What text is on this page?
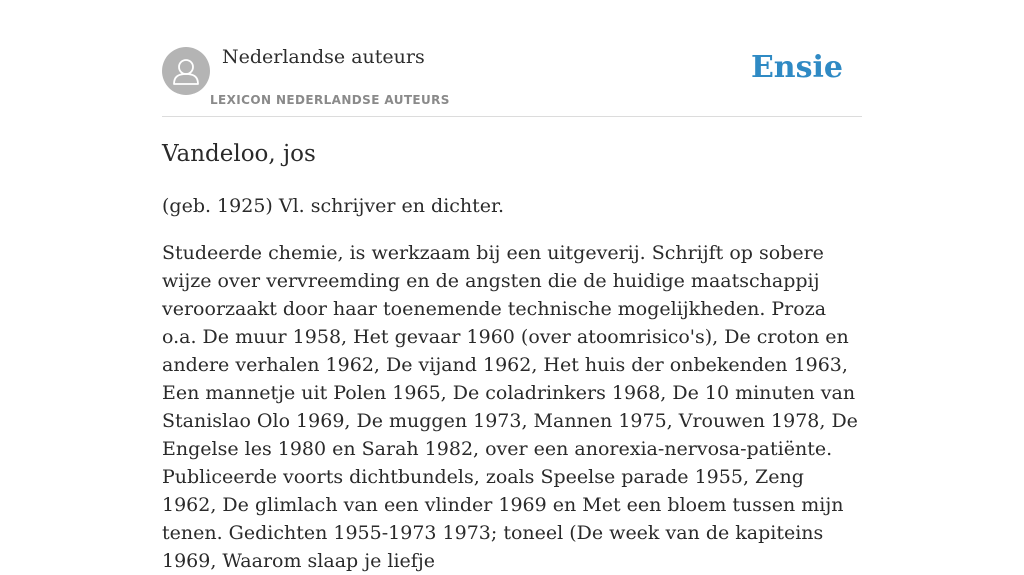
Nederlandse auteurs
LEXICON NEDERLANDSE AUTEURS
Ensie
Vandeloo, jos

(geb. 1925) Vl. schrijver en dichter.

Studeerde chemie, is werkzaam bij een uitgeverij. Schrijft op sobere wijze over vervreemding en de angsten die de huidige maatschappij veroorzaakt door haar toenemende technische mogelijkheden. Proza o.a. De muur 1958, Het gevaar 1960 (over atoomrisico's), De croton en andere verhalen 1962, De vijand 1962, Het huis der onbekenden 1963, Een mannetje uit Polen 1965, De coladrinkers 1968, De 10 minuten van Stanislao Olo 1969, De muggen 1973, Mannen 1975, Vrouwen 1978, De Engelse les 1980 en Sarah 1982, over een anorexia-nervosa-patiënte. Publiceerde voorts dichtbundels, zoals Speelse parade 1955, Zeng 1962, De glimlach van een vlinder 1969 en Met een bloem tussen mijn tenen. Gedichten 1955-1973 1973; toneel (De week van de kapiteins 1969, Waarom slaap je liefje
